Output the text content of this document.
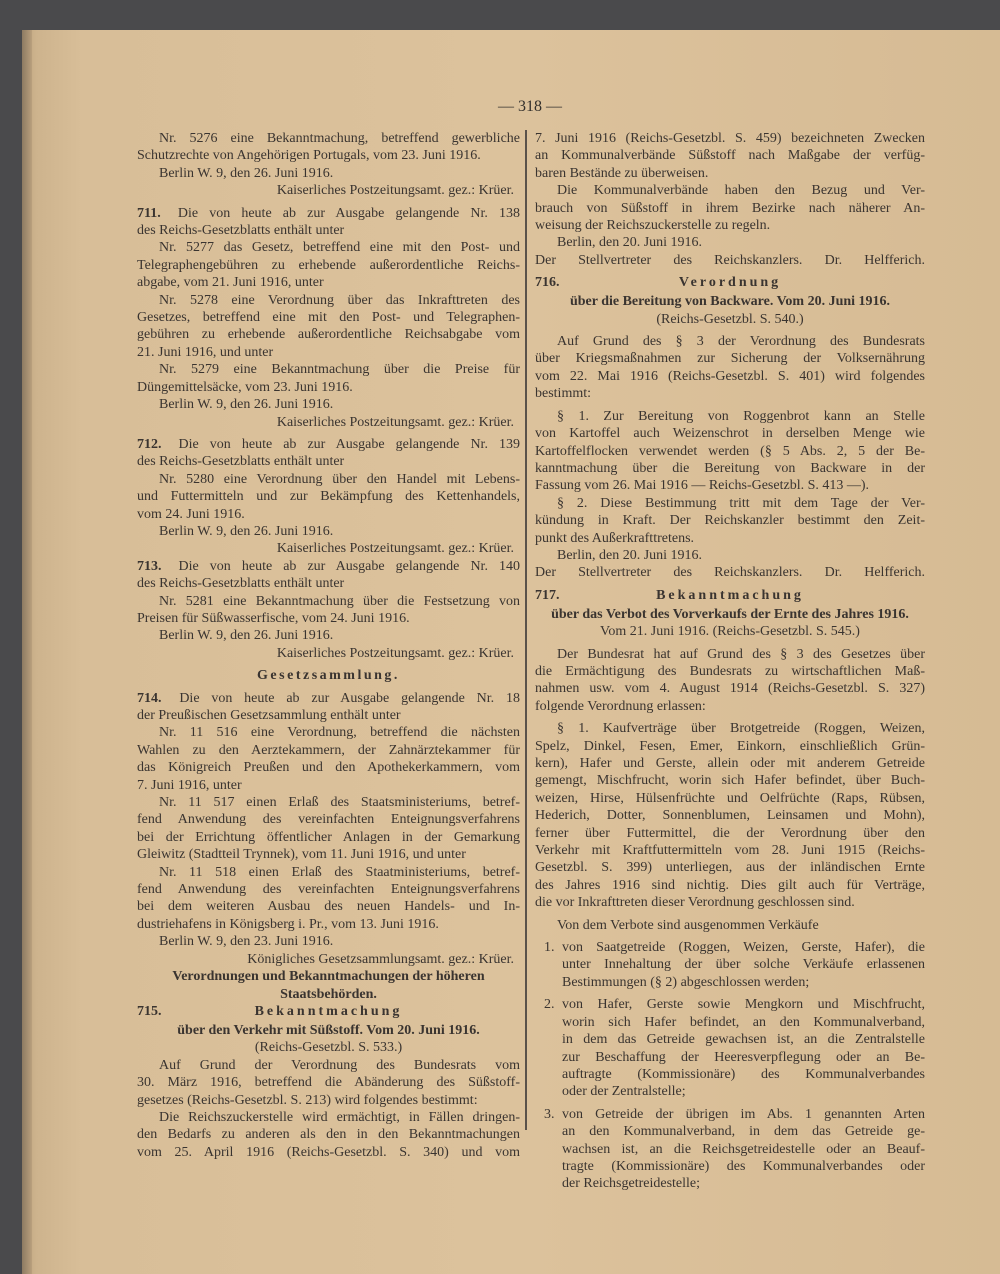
— 318 —
Nr. 5276 eine Bekanntmachung, betreffend gewerbliche
Schutzrechte von Angehörigen Portugals, vom 23. Juni 1916.
Berlin W. 9, den 26. Juni 1916.
Kaiserliches Postzeitungsamt. gez.: Krüer.
711. Die von heute ab zur Ausgabe gelangende Nr. 138
des Reichs-Gesetzblatts enthält unter
Nr. 5277 das Gesetz, betreffend eine mit den Post- und
Telegraphengebühren zu erhebende außerordentliche Reichs-
abgabe, vom 21. Juni 1916, unter
Nr. 5278 eine Verordnung über das Inkrafttreten des
Gesetzes, betreffend eine mit den Post- und Telegraphen-
gebühren zu erhebende außerordentliche Reichsabgabe vom
21. Juni 1916, und unter
Nr. 5279 eine Bekanntmachung über die Preise für
Düngemittelsäcke, vom 23. Juni 1916.
Berlin W. 9, den 26. Juni 1916.
Kaiserliches Postzeitungsamt. gez.: Krüer.
712. Die von heute ab zur Ausgabe gelangende Nr. 139
des Reichs-Gesetzblatts enthält unter
Nr. 5280 eine Verordnung über den Handel mit Lebens-
und Futtermitteln und zur Bekämpfung des Kettenhandels,
vom 24. Juni 1916.
Berlin W. 9, den 26. Juni 1916.
Kaiserliches Postzeitungsamt. gez.: Krüer.
713. Die von heute ab zur Ausgabe gelangende Nr. 140
des Reichs-Gesetzblatts enthält unter
Nr. 5281 eine Bekanntmachung über die Festsetzung von
Preisen für Süßwasserfische, vom 24. Juni 1916.
Berlin W. 9, den 26. Juni 1916.
Kaiserliches Postzeitungsamt. gez.: Krüer.
Gesetzsammlung.
714. Die von heute ab zur Ausgabe gelangende Nr. 18
der Preußischen Gesetzsammlung enthält unter
Nr. 11 516 eine Verordnung, betreffend die nächsten
Wahlen zu den Aerztekammern, der Zahnärztekammer für
das Königreich Preußen und den Apothekerkammern, vom
7. Juni 1916, unter
Nr. 11 517 einen Erlaß des Staatsministeriums, betref-
fend Anwendung des vereinfachten Enteignungsverfahrens
bei der Errichtung öffentlicher Anlagen in der Gemarkung
Gleiwitz (Stadtteil Trynnek), vom 11. Juni 1916, und unter
Nr. 11 518 einen Erlaß des Staatministeriums, betref-
fend Anwendung des vereinfachten Enteignungsverfahrens
bei dem weiteren Ausbau des neuen Handels- und In-
dustriehafens in Königsberg i. Pr., vom 13. Juni 1916.
Berlin W. 9, den 23. Juni 1916.
Königliches Gesetzsammlungsamt. gez.: Krüer.
Verordnungen und Bekanntmachungen der höheren
Staatsbehörden.
715.	Bekanntmachung
über den Verkehr mit Süßstoff. Vom 20. Juni 1916.
(Reichs-Gesetzbl. S. 533.)
Auf Grund der Verordnung des Bundesrats vom
30. März 1916, betreffend die Abänderung des Süßstoff-
gesetzes (Reichs-Gesetzbl. S. 213) wird folgendes bestimmt:
Die Reichszuckerstelle wird ermächtigt, in Fällen dringen-
den Bedarfs zu anderen als den in den Bekanntmachungen
vom 25. April 1916 (Reichs-Gesetzbl. S. 340) und vom
7. Juni 1916 (Reichs-Gesetzbl. S. 459) bezeichneten Zwecken
an Kommunalverbände Süßstoff nach Maßgabe der verfüg-
baren Bestände zu überweisen.
Die Kommunalverbände haben den Bezug und Ver-
brauch von Süßstoff in ihrem Bezirke nach näherer An-
weisung der Reichszuckerstelle zu regeln.
Berlin, den 20. Juni 1916.
Der Stellvertreter des Reichskanzlers. Dr. Helfferich.
716.	Verordnung
über die Bereitung von Backware. Vom 20. Juni 1916.
(Reichs-Gesetzbl. S. 540.)
Auf Grund des § 3 der Verordnung des Bundesrats
über Kriegsmaßnahmen zur Sicherung der Volksernährung
vom 22. Mai 1916 (Reichs-Gesetzbl. S. 401) wird folgendes
bestimmt:
§ 1. Zur Bereitung von Roggenbrot kann an Stelle
von Kartoffel auch Weizenschrot in derselben Menge wie
Kartoffelflocken verwendet werden (§ 5 Abs. 2, 5 der Be-
kanntmachung über die Bereitung von Backware in der
Fassung vom 26. Mai 1916 — Reichs-Gesetzbl. S. 413 —).
§ 2. Diese Bestimmung tritt mit dem Tage der Ver-
kündung in Kraft. Der Reichskanzler bestimmt den Zeit-
punkt des Außerkrafttretens.
Berlin, den 20. Juni 1916.
Der Stellvertreter des Reichskanzlers. Dr. Helfferich.
717.	Bekanntmachung
über das Verbot des Vorverkaufs der Ernte des Jahres 1916.
Vom 21. Juni 1916. (Reichs-Gesetzbl. S. 545.)
Der Bundesrat hat auf Grund des § 3 des Gesetzes über
die Ermächtigung des Bundesrats zu wirtschaftlichen Maß-
nahmen usw. vom 4. August 1914 (Reichs-Gesetzbl. S. 327)
folgende Verordnung erlassen:
§ 1. Kaufverträge über Brotgetreide (Roggen, Weizen,
Spelz, Dinkel, Fesen, Emer, Einkorn, einschließlich Grün-
kern), Hafer und Gerste, allein oder mit anderem Getreide
gemengt, Mischfrucht, worin sich Hafer befindet, über Buch-
weizen, Hirse, Hülsenfrüchte und Oelfrüchte (Raps, Rübsen,
Hederich, Dotter, Sonnenblumen, Leinsamen und Mohn),
ferner über Futtermittel, die der Verordnung über den
Verkehr mit Kraftfuttermitteln vom 28. Juni 1915 (Reichs-
Gesetzbl. S. 399) unterliegen, aus der inländischen Ernte
des Jahres 1916 sind nichtig. Dies gilt auch für Verträge,
die vor Inkrafttreten dieser Verordnung geschlossen sind.
Von dem Verbote sind ausgenommen Verkäufe
1. von Saatgetreide (Roggen, Weizen, Gerste, Hafer), die
unter Innehaltung der über solche Verkäufe erlassenen
Bestimmungen (§ 2) abgeschlossen werden;
2. von Hafer, Gerste sowie Mengkorn und Mischfrucht,
worin sich Hafer befindet, an den Kommunalverband,
in dem das Getreide gewachsen ist, an die Zentralstelle
zur Beschaffung der Heeresverpflegung oder an Be-
auftragte (Kommissionäre) des Kommunalverbandes
oder der Zentralstelle;
3. von Getreide der übrigen im Abs. 1 genannten Arten
an den Kommunalverband, in dem das Getreide ge-
wachsen ist, an die Reichsgetreidestelle oder an Beauf-
tragte (Kommissionäre) des Kommunalverbandes oder
der Reichsgetreidestelle;
